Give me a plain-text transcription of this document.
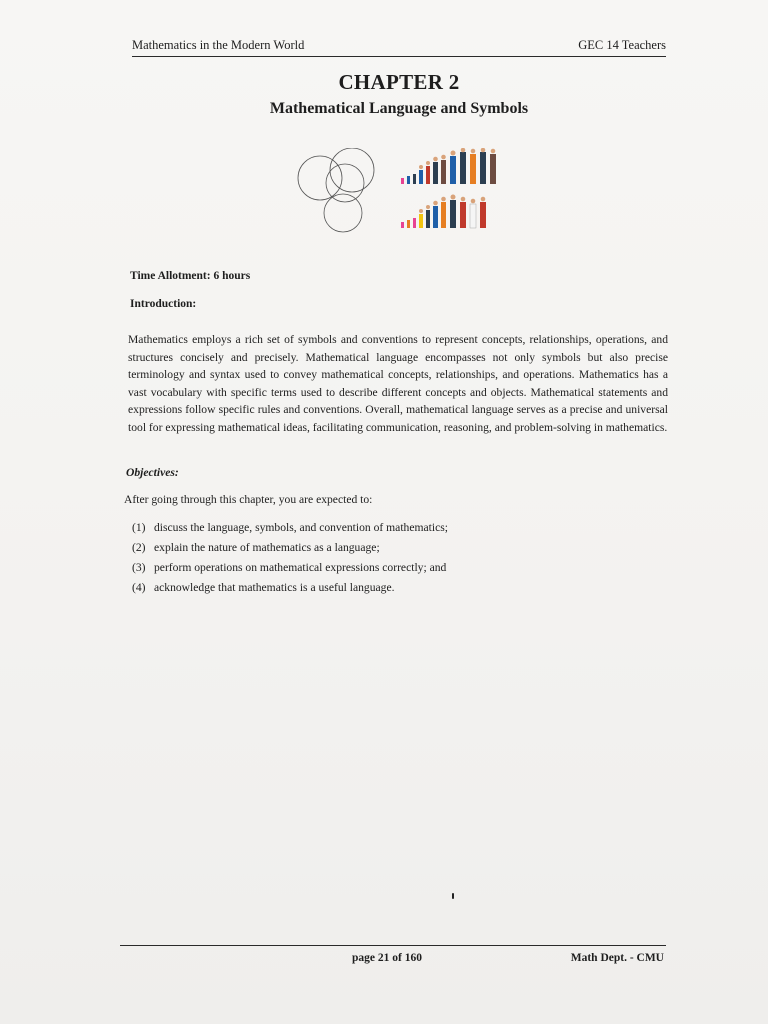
Mathematics in the Modern World	GEC 14 Teachers
CHAPTER 2
Mathematical Language and Symbols
Time Allotment: 6 hours
Introduction:

Mathematics employs a rich set of symbols and conventions to represent concepts, relationships, operations, and structures concisely and precisely. Mathematical language encompasses not only symbols but also precise terminology and syntax used to convey mathematical concepts, relationships, and operations. Mathematics has a vast vocabulary with specific terms used to describe different concepts and objects. Mathematical statements and expressions follow specific rules and conventions. Overall, mathematical language serves as a precise and universal tool for expressing mathematical ideas, facilitating communication, reasoning, and problem-solving in mathematics.

Objectives:
After going through this chapter, you are expected to:
(1) discuss the language, symbols, and convention of mathematics;
(2) explain the nature of mathematics as a language;
(3) perform operations on mathematical expressions correctly; and
(4) acknowledge that mathematics is a useful language.
page 21 of 160	Math Dept. - CMU
